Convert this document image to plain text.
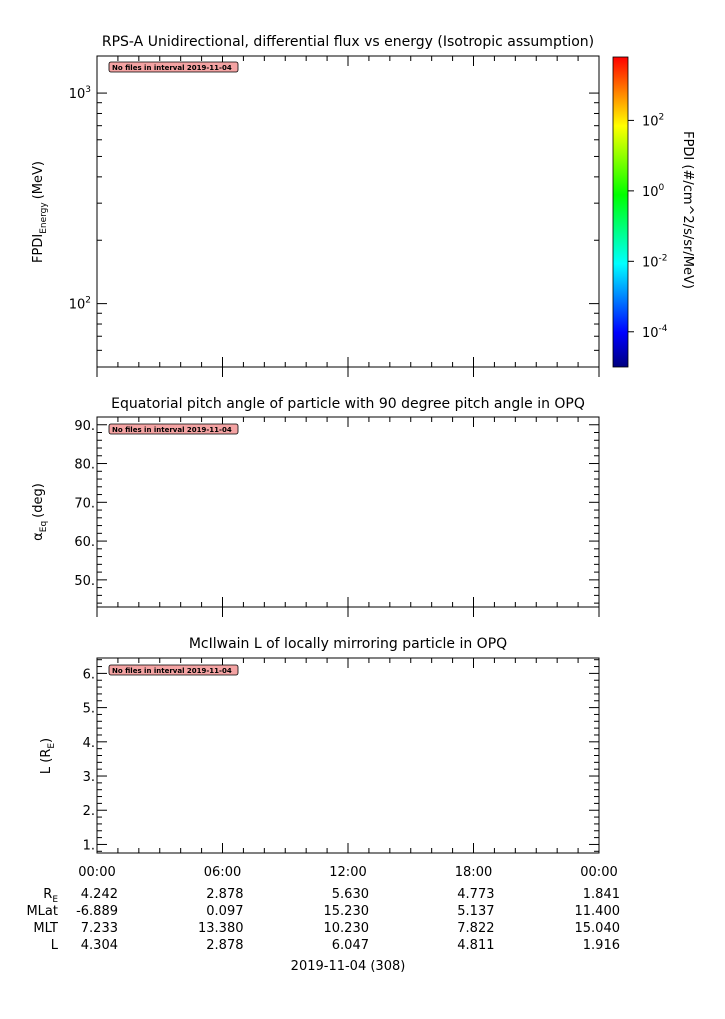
RPS-A Unidirectional, differential flux vs energy (Isotropic assumption)
$10^3$
$10^2$
No files in interval 2019-11-04
$FPDI_{Energy}(MeV)$
$10^2$
$10^0$
$10^{-2}$
$10^{-4}$
FPDI (#/cm^2/s/sr/MeV)
Equatorial pitch angle of particle with 90 degree pitch angle in OPQ
50.
60.
70.
80.
90. No files in interval 2019-11-04
$\alpha_{Eq}(deg)$
McIlwain L of locally mirroring particle in OPQ
1.
2.
3.
4.
5.
6. No files in interval 2019-11-04
L $(R_E)$
00:00	06:00	12:00	18:00	00:00
$R_E$ 4.242	2.878	5.630	4.773	1.841
MLat -6.889	0.097	15.230	5.137	11.400
MLT 7.233	13.380	10.230	7.822	15.040
L 4.304	2.878	6.047	4.811	1.916
2019-11-04 (308)
